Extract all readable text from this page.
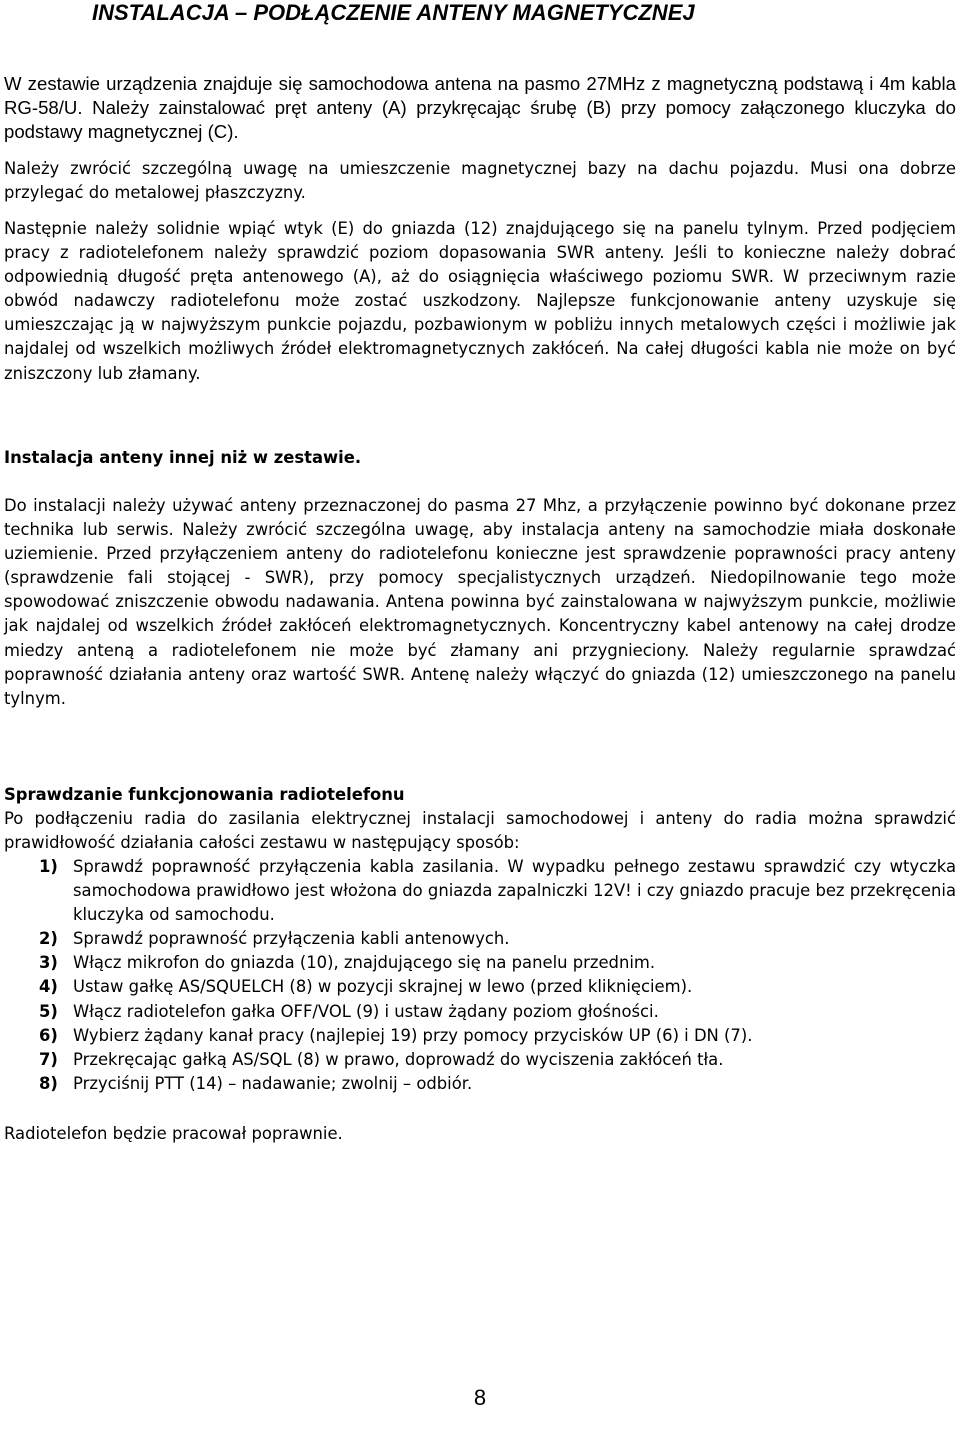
INSTALACJA – PODŁĄCZENIE ANTENY MAGNETYCZNEJ

W zestawie urządzenia znajduje się samochodowa antena na pasmo 27MHz z magnetyczną podstawą i 4m kabla RG-58/U. Należy zainstalować pręt anteny (A) przykręcając śrubę (B) przy pomocy załączonego kluczyka do podstawy magnetycznej (C).

Należy zwrócić szczególną uwagę na umieszczenie magnetycznej bazy na dachu pojazdu. Musi ona dobrze przylegać do metalowej płaszczyzny.

Następnie należy solidnie wpiąć wtyk (E) do gniazda (12) znajdującego się na panelu tylnym. Przed podjęciem pracy z radiotelefonem należy sprawdzić poziom dopasowania SWR anteny. Jeśli to konieczne należy dobrać odpowiednią długość pręta antenowego (A), aż do osiągnięcia właściwego poziomu SWR. W przeciwnym razie obwód nadawczy radiotelefonu może zostać uszkodzony. Najlepsze funkcjonowanie anteny uzyskuje się umieszczając ją w najwyższym punkcie pojazdu, pozbawionym w pobliżu innych metalowych części i możliwie jak najdalej od wszelkich możliwych źródeł elektromagnetycznych zakłóceń. Na całej długości kabla nie może on być zniszczony lub złamany.

Instalacja anteny innej niż w zestawie.

Do instalacji należy używać anteny przeznaczonej do pasma 27 Mhz, a przyłączenie powinno być dokonane przez technika lub serwis. Należy zwrócić szczególna uwagę, aby instalacja anteny na samochodzie miała doskonałe uziemienie. Przed przyłączeniem anteny do radiotelefonu konieczne jest sprawdzenie poprawności pracy anteny (sprawdzenie fali stojącej - SWR), przy pomocy specjalistycznych urządzeń. Niedopilnowanie tego może spowodować zniszczenie obwodu nadawania. Antena powinna być zainstalowana w najwyższym punkcie, możliwie jak najdalej od wszelkich źródeł zakłóceń elektromagnetycznych. Koncentryczny kabel antenowy na całej drodze miedzy anteną a radiotelefonem nie może być złamany ani przygnieciony. Należy regularnie sprawdzać poprawność działania anteny oraz wartość SWR. Antenę należy włączyć do gniazda (12) umieszczonego na panelu tylnym.

Sprawdzanie funkcjonowania radiotelefonu

Po podłączeniu radia do zasilania elektrycznej instalacji samochodowej i anteny do radia można sprawdzić prawidłowość działania całości zestawu w następujący sposób:

1) Sprawdź poprawność przyłączenia kabla zasilania. W wypadku pełnego zestawu sprawdzić czy wtyczka samochodowa prawidłowo jest włożona do gniazda zapalniczki 12V! i czy gniazdo pracuje bez przekręcenia kluczyka od samochodu.
2) Sprawdź poprawność przyłączenia kabli antenowych.
3) Włącz mikrofon do gniazda (10), znajdującego się na panelu przednim.
4) Ustaw gałkę AS/SQUELCH (8) w pozycji skrajnej w lewo (przed kliknięciem).
5) Włącz radiotelefon gałka OFF/VOL (9) i ustaw żądany poziom głośności.
6) Wybierz żądany kanał pracy (najlepiej 19) przy pomocy przycisków UP (6) i DN (7).
7) Przekręcając gałką AS/SQL (8) w prawo, doprowadź do wyciszenia zakłóceń tła.
8) Przyciśnij PTT (14) – nadawanie; zwolnij – odbiór.

Radiotelefon będzie pracował poprawnie.

8
